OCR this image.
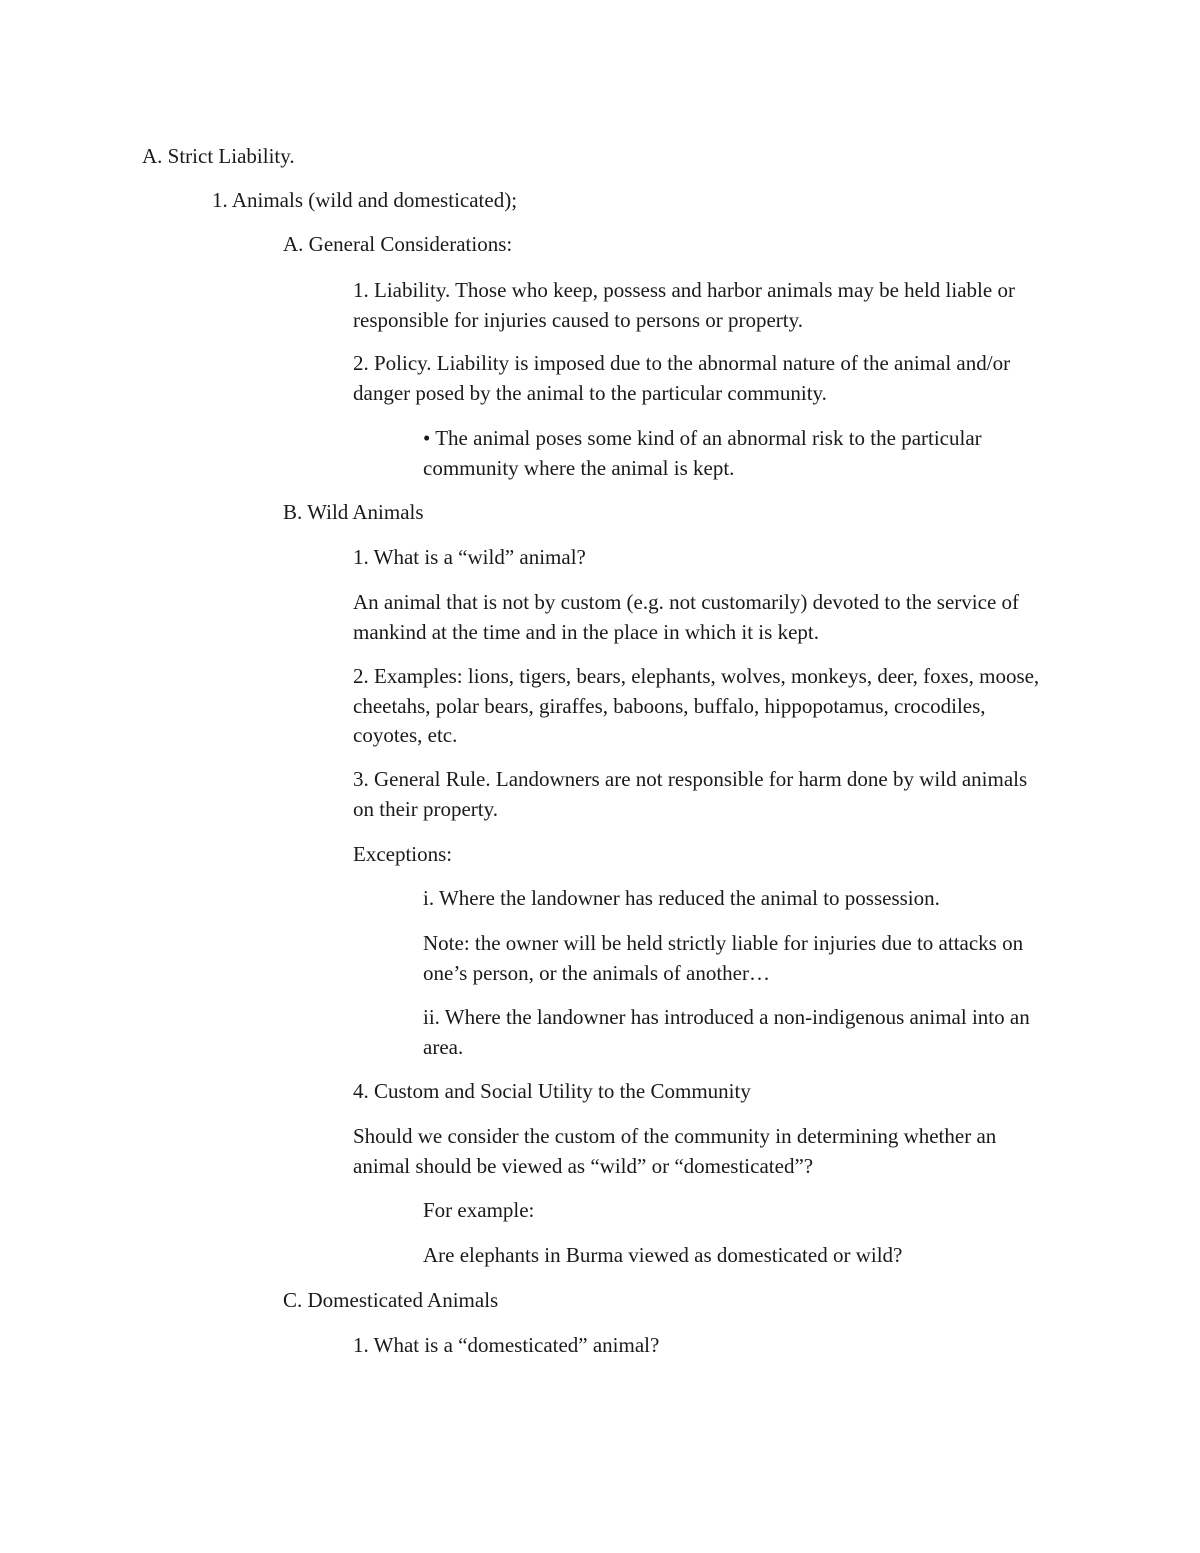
A. Strict Liability.

1. Animals (wild and domesticated);

A. General Considerations:

1. Liability. Those who keep, possess and harbor animals may be held liable or responsible for injuries caused to persons or property.

2. Policy. Liability is imposed due to the abnormal nature of the animal and/or danger posed by the animal to the particular community.

• The animal poses some kind of an abnormal risk to the particular community where the animal is kept.

B. Wild Animals

1. What is a “wild” animal?

An animal that is not by custom (e.g. not customarily) devoted to the service of mankind at the time and in the place in which it is kept.

2. Examples: lions, tigers, bears, elephants, wolves, monkeys, deer, foxes, moose, cheetahs, polar bears, giraffes, baboons, buffalo, hippopotamus, crocodiles, coyotes, etc.

3. General Rule. Landowners are not responsible for harm done by wild animals on their property.

Exceptions:

i. Where the landowner has reduced the animal to possession.

Note: the owner will be held strictly liable for injuries due to attacks on one’s person, or the animals of another…

ii. Where the landowner has introduced a non-indigenous animal into an area.

4. Custom and Social Utility to the Community

Should we consider the custom of the community in determining whether an animal should be viewed as “wild” or “domesticated”?

For example:

Are elephants in Burma viewed as domesticated or wild?

C. Domesticated Animals

1. What is a “domesticated” animal?
